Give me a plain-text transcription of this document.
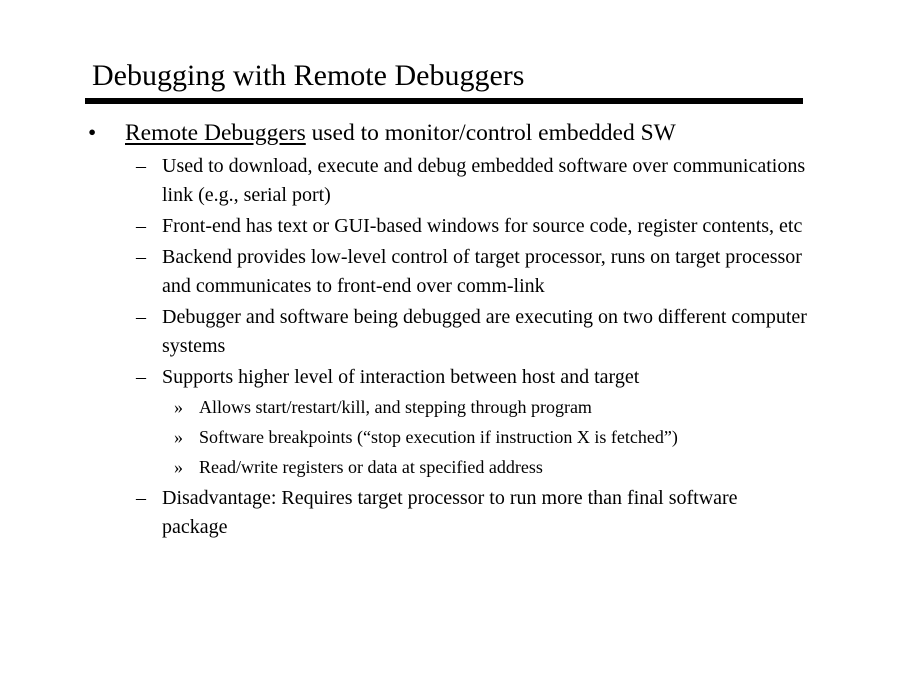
Debugging with Remote Debuggers
• Remote Debuggers used to monitor/control embedded SW
– Used to download, execute and debug embedded software over communications link (e.g., serial port)
– Front-end has text or GUI-based windows for source code, register contents, etc
– Backend provides low-level control of target processor, runs on target processor and communicates to front-end over comm-link
– Debugger and software being debugged are executing on two different computer systems
– Supports higher level of interaction between host and target
» Allows start/restart/kill, and stepping through program
» Software breakpoints (“stop execution if instruction X is fetched”)
» Read/write registers or data at specified address
– Disadvantage: Requires target processor to run more than final software package
